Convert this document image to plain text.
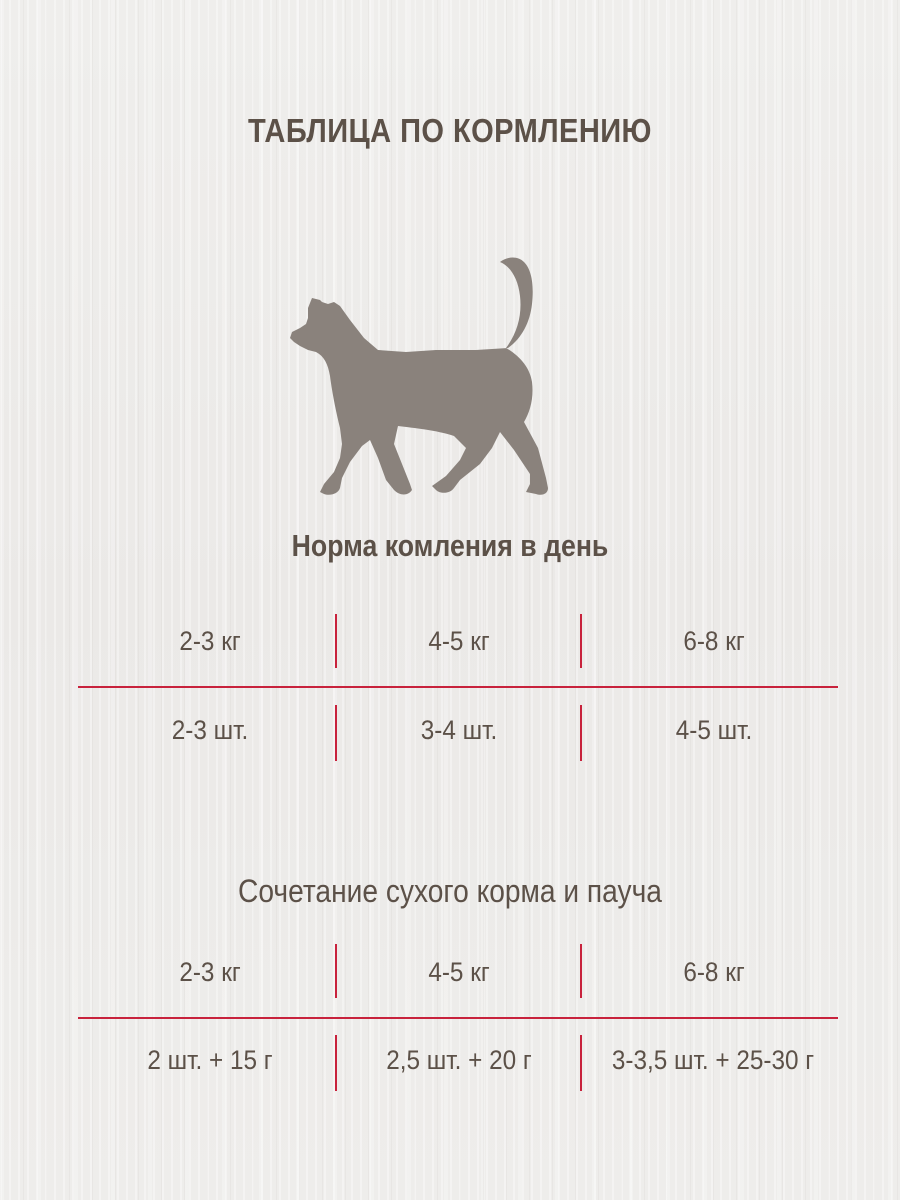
ТАБЛИЦА ПО КОРМЛЕНИЮ
Норма комления в день
2-3 кг	4-5 кг	6-8 кг
2-3 шт.	3-4 шт.	4-5 шт.
Сочетание сухого корма и пауча
2-3 кг	4-5 кг	6-8 кг
2 шт. + 15 г	2,5 шт. + 20 г	3-3,5 шт. + 25-30 г
